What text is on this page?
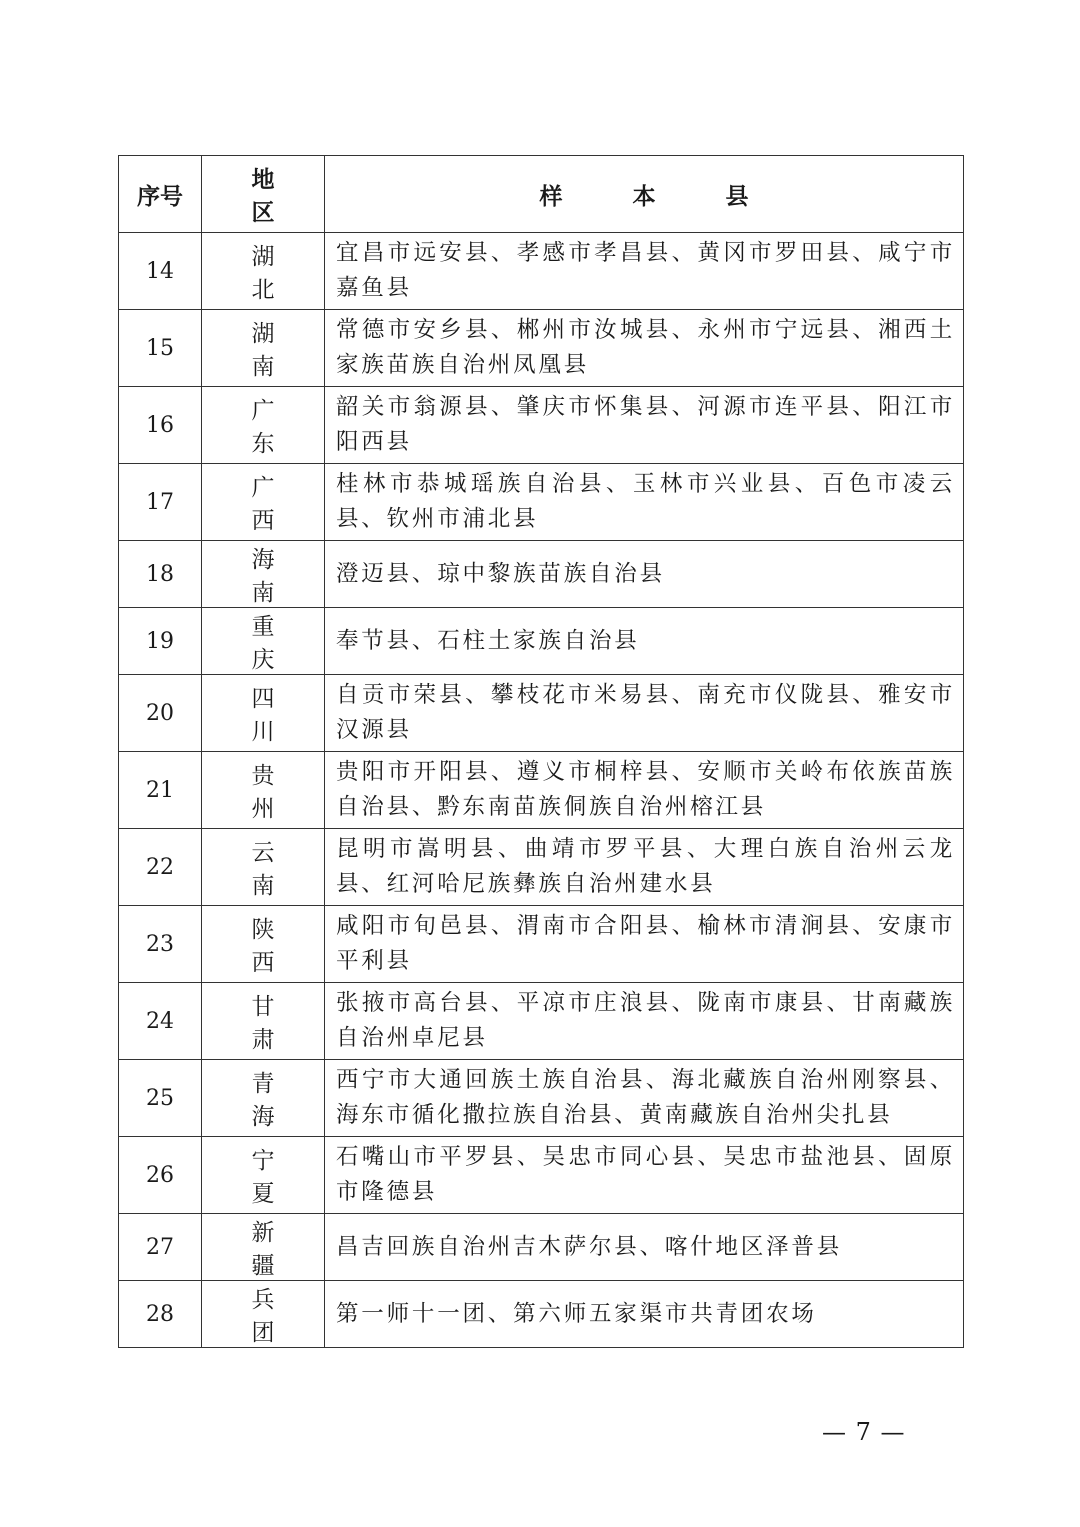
序号	地区	样本县
14	湖北	宜昌市远安县、孝感市孝昌县、黄冈市罗田县、咸宁市嘉鱼县
15	湖南	常德市安乡县、郴州市汝城县、永州市宁远县、湘西土家族苗族自治州凤凰县
16	广东	韶关市翁源县、肇庆市怀集县、河源市连平县、阳江市阳西县
17	广西	桂林市恭城瑶族自治县、玉林市兴业县、百色市凌云县、钦州市浦北县
18	海南	澄迈县、琼中黎族苗族自治县
19	重庆	奉节县、石柱土家族自治县
20	四川	自贡市荣县、攀枝花市米易县、南充市仪陇县、雅安市汉源县
21	贵州	贵阳市开阳县、遵义市桐梓县、安顺市关岭布依族苗族自治县、黔东南苗族侗族自治州榕江县
22	云南	昆明市嵩明县、曲靖市罗平县、大理白族自治州云龙县、红河哈尼族彝族自治州建水县
23	陕西	咸阳市旬邑县、渭南市合阳县、榆林市清涧县、安康市平利县
24	甘肃	张掖市高台县、平凉市庄浪县、陇南市康县、甘南藏族自治州卓尼县
25	青海	西宁市大通回族土族自治县、海北藏族自治州刚察县、海东市循化撒拉族自治县、黄南藏族自治州尖扎县
26	宁夏	石嘴山市平罗县、吴忠市同心县、吴忠市盐池县、固原市隆德县
27	新疆	昌吉回族自治州吉木萨尔县、喀什地区泽普县
28	兵团	第一师十一团、第六师五家渠市共青团农场
— 7 —
